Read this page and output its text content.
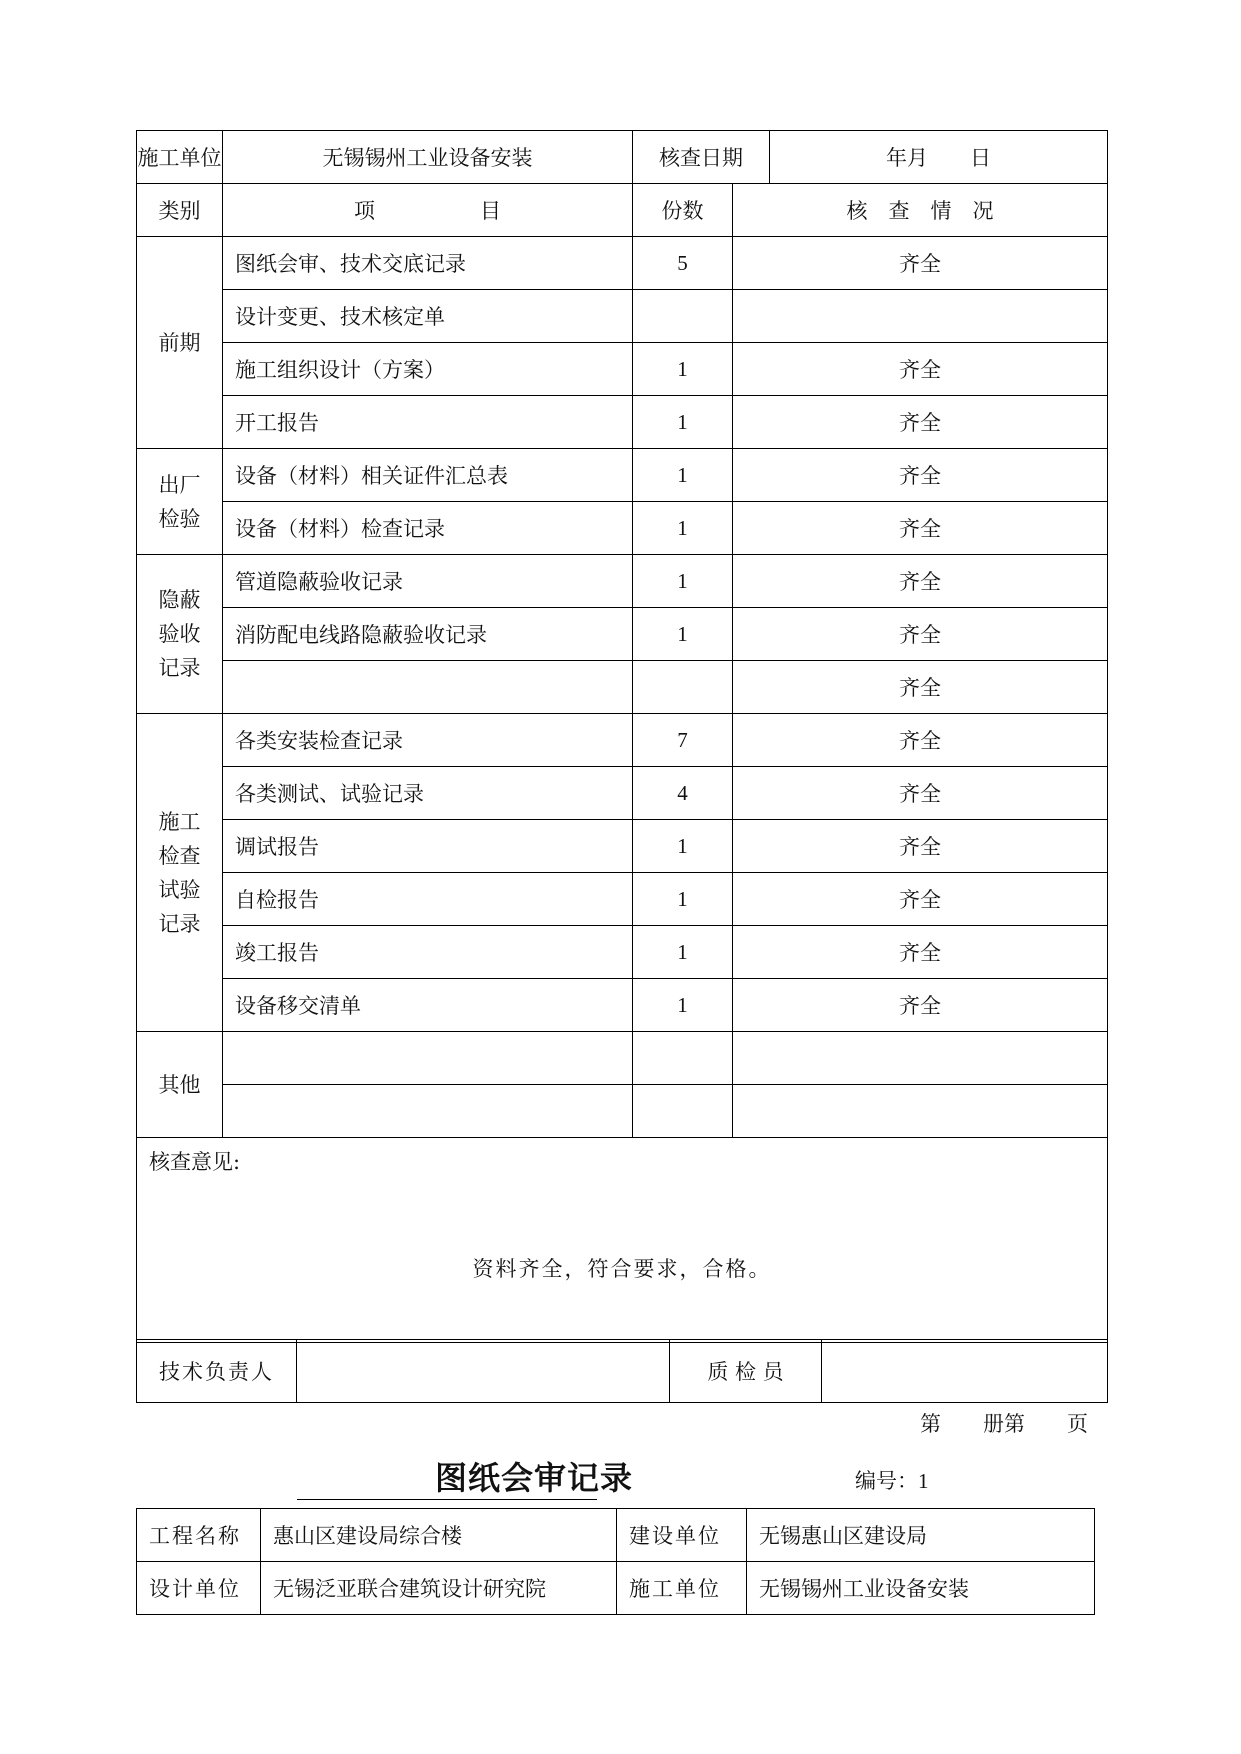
施工单位	无锡锡州工业设备安装	核查日期		年月　　日
类别	项　　　　　目	份数	核　查　情　况	

前期	图纸会审、技术交底记录	5	齐全	
	设计变更、技术核定单			
	施工组织设计（方案）	1	齐全	
	开工报告	1	齐全	

出厂检验	设备（材料）相关证件汇总表	1	齐全	
	设备（材料）检查记录	1	齐全	

隐蔽验收记录	管道隐蔽验收记录	1	齐全	
	消防配电线路隐蔽验收记录	1	齐全	
			齐全	

施工检查试验记录	各类安装检查记录	7	齐全	
	各类测试、试验记录	4	齐全	
	调试报告	1	齐全	
	自检报告	1	齐全	
	竣工报告	1	齐全	
	设备移交清单	1	齐全	

其他				

核查意见:
资料齐全，符合要求，合格。				
技术负责人		质 检 员	
第　　册第　　页
图纸会审记录	编号：1
工程名称	惠山区建设局综合楼	建设单位	无锡惠山区建设局
设计单位	无锡泛亚联合建筑设计研究院	施工单位	无锡锡州工业设备安装
